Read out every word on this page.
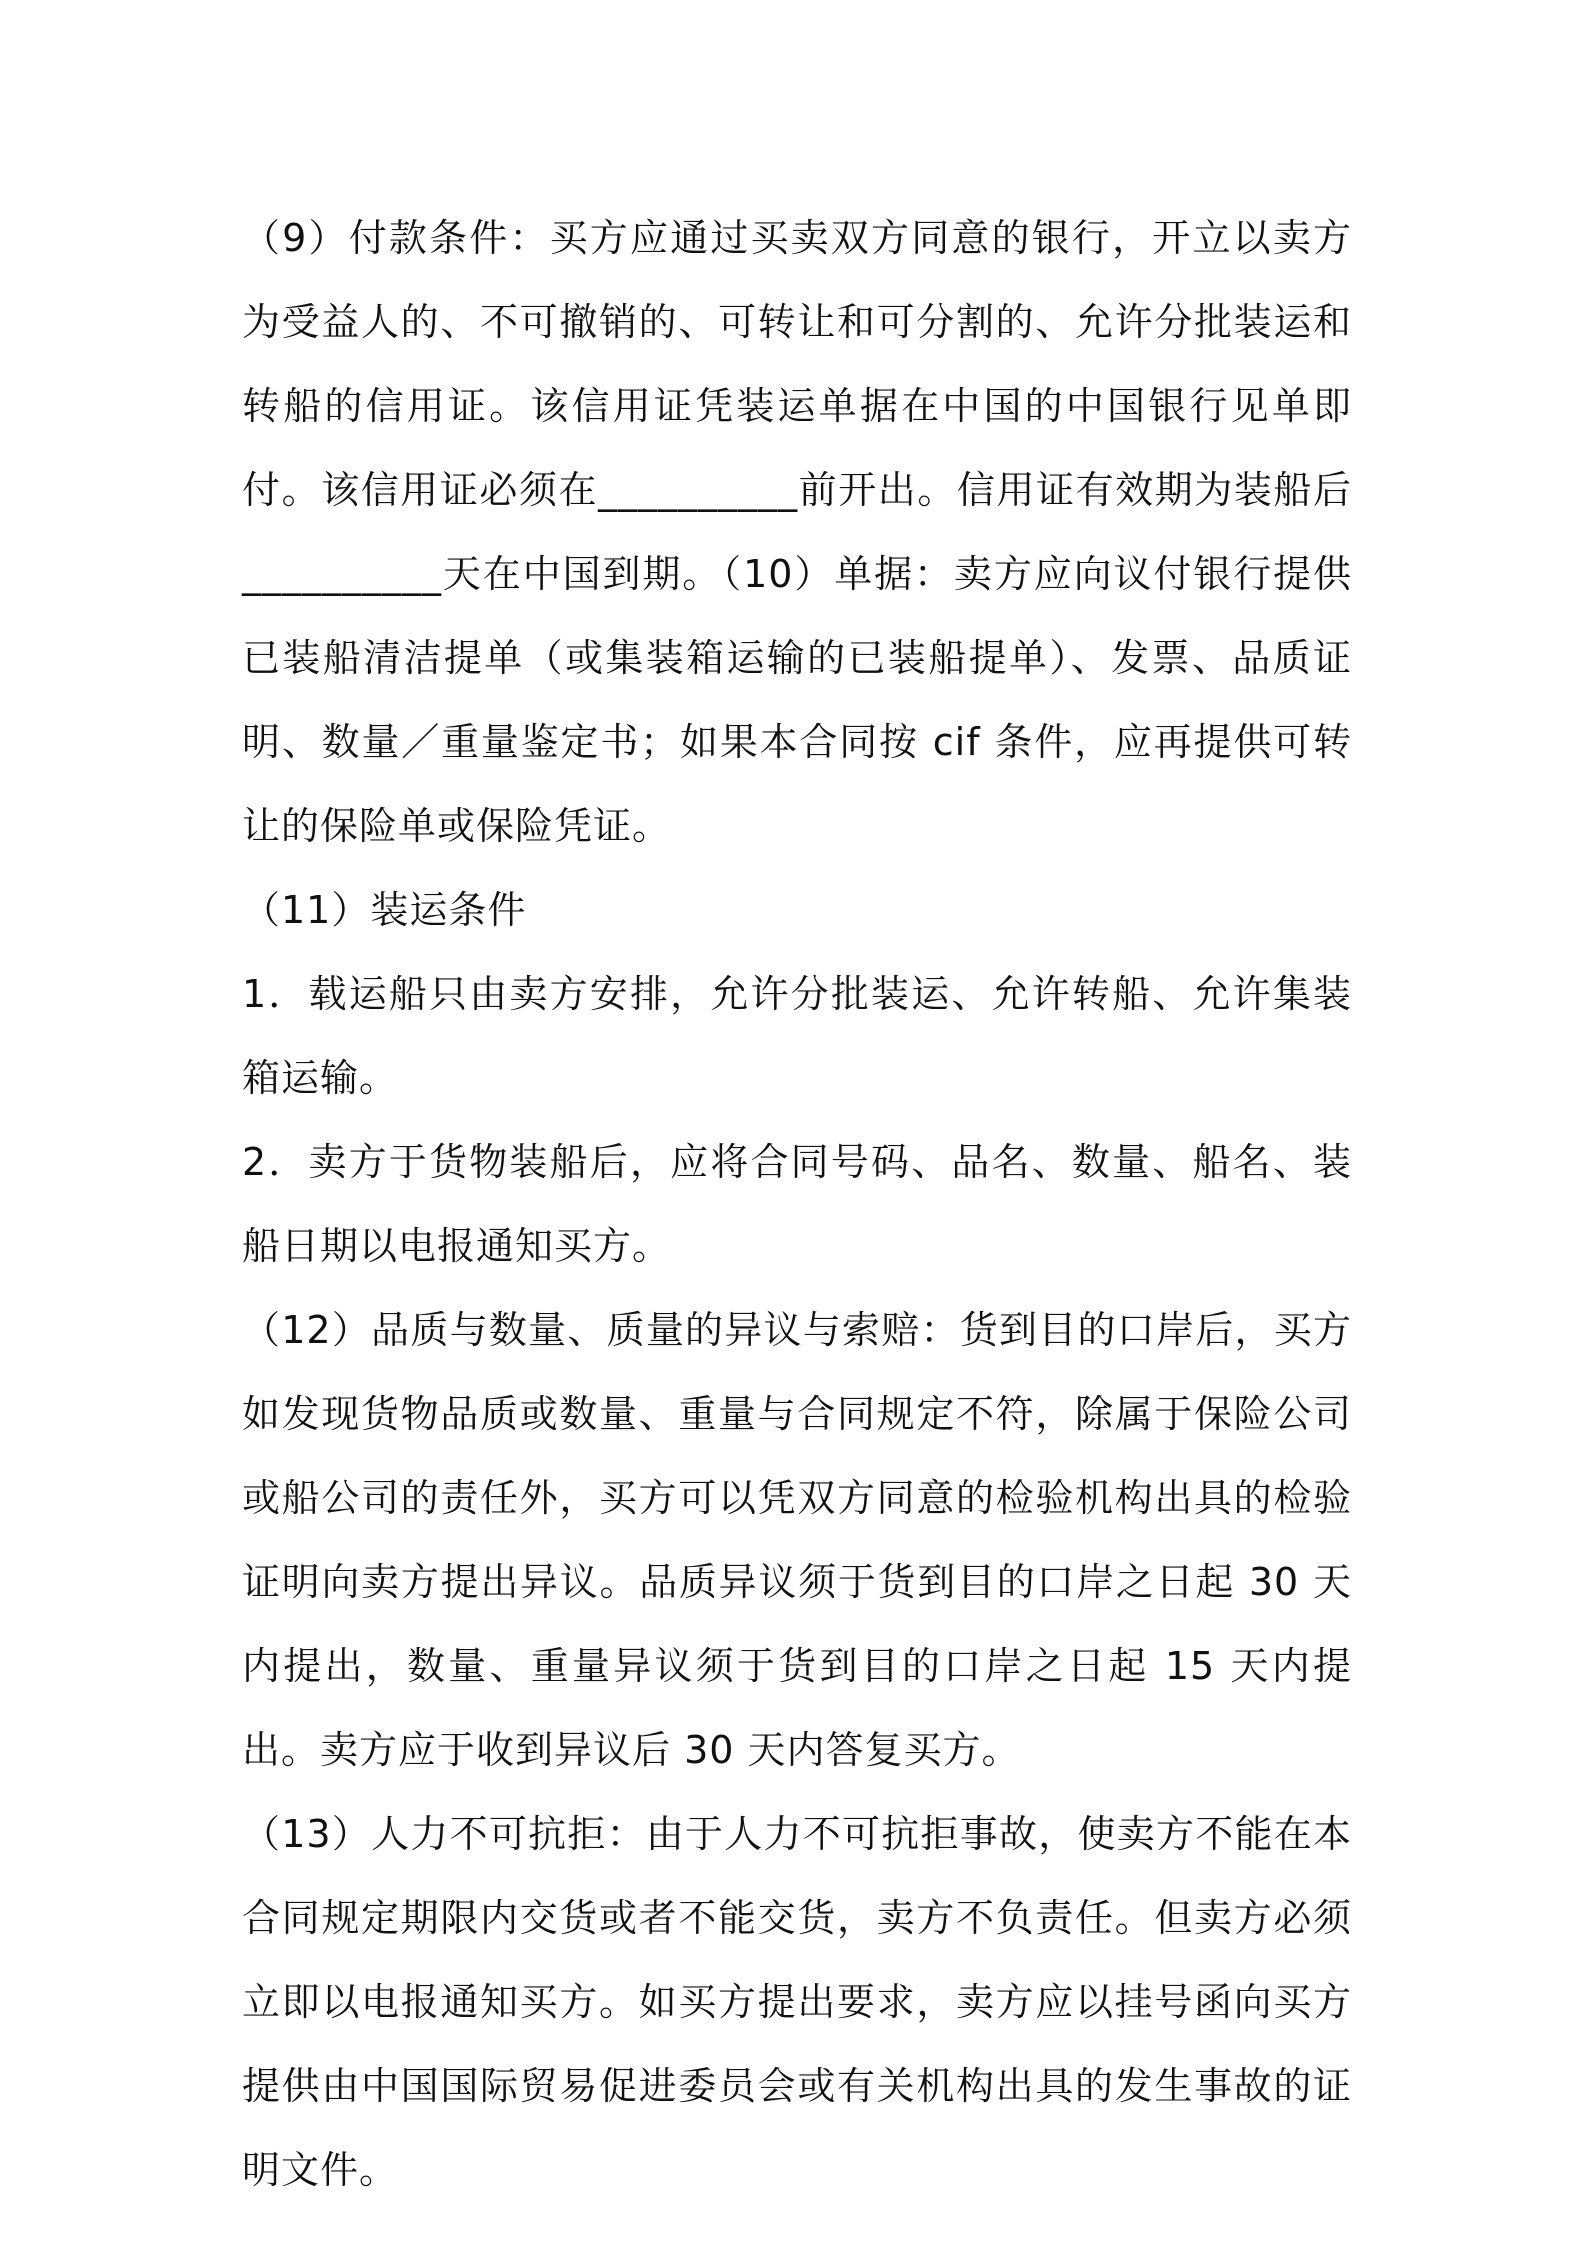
（9）付款条件：买方应通过买卖双方同意的银行，开立以卖方为受益人的、不可撤销的、可转让和可分割的、允许分批装运和转船的信用证。该信用证凭装运单据在中国的中国银行见单即付。该信用证必须在__________前开出。信用证有效期为装船后__________天在中国到期。（10）单据：卖方应向议付银行提供已装船清洁提单（或集装箱运输的已装船提单）、发票、品质证明、数量／重量鉴定书；如果本合同按 cif 条件，应再提供可转让的保险单或保险凭证。

（11）装运条件

1．载运船只由卖方安排，允许分批装运、允许转船、允许集装箱运输。

2．卖方于货物装船后，应将合同号码、品名、数量、船名、装船日期以电报通知买方。

（12）品质与数量、质量的异议与索赔：货到目的口岸后，买方如发现货物品质或数量、重量与合同规定不符，除属于保险公司或船公司的责任外，买方可以凭双方同意的检验机构出具的检验证明向卖方提出异议。品质异议须于货到目的口岸之日起 30 天内提出，数量、重量异议须于货到目的口岸之日起 15 天内提出。卖方应于收到异议后 30 天内答复买方。

（13）人力不可抗拒：由于人力不可抗拒事故，使卖方不能在本合同规定期限内交货或者不能交货，卖方不负责任。但卖方必须立即以电报通知买方。如买方提出要求，卖方应以挂号函向买方提供由中国国际贸易促进委员会或有关机构出具的发生事故的证明文件。
